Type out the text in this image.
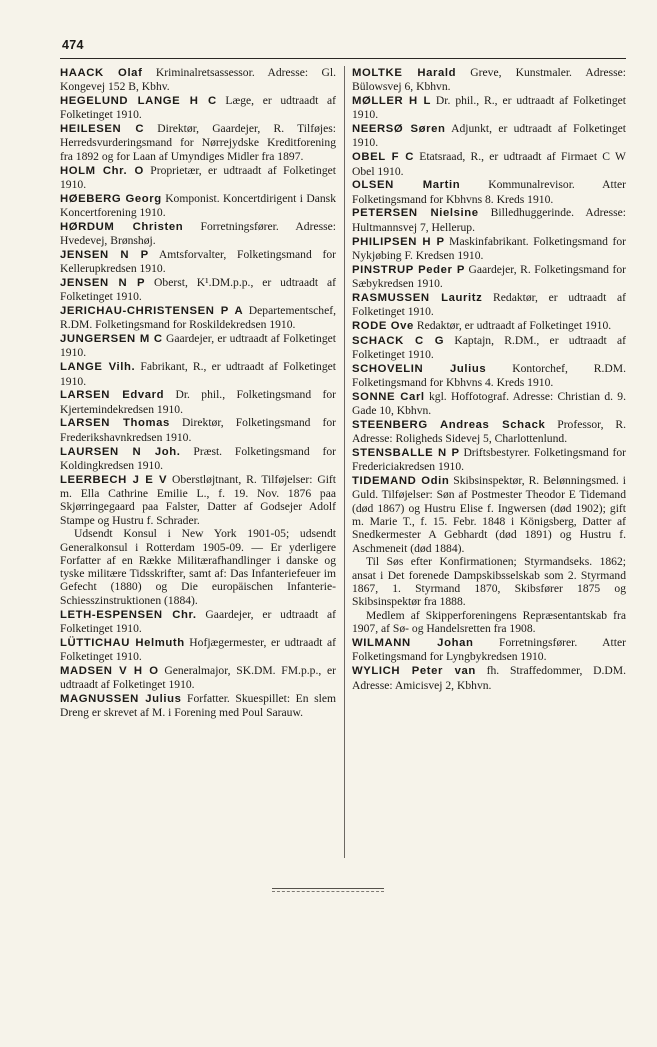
474

HAACK Olaf Kriminalretsassessor. Adresse: Gl. Kongevej 152 B, Kbhv.

HEGELUND LANGE H C Læge, er udtraadt af Folketinget 1910.

HEILESEN C Direktør, Gaardejer, R. Tilføjes: Herredsvurderingsmand for Nørrejydske Kreditforening fra 1892 og for Laan af Umyndiges Midler fra 1897.

HOLM Chr. O Proprietær, er udtraadt af Folketinget 1910.

HØEBERG Georg Komponist. Koncertdirigent i Dansk Koncertforening 1910.

HØRDUM Christen Forretningsfører. Adresse: Hvedevej, Brønshøj.

JENSEN N P Amtsforvalter, Folketingsmand for Kellerupkredsen 1910.

JENSEN N P Oberst, K¹.DM.p.p., er udtraadt af Folketinget 1910.

JERICHAU-CHRISTENSEN P A Departementschef, R.DM. Folketingsmand for Roskildekredsen 1910.

JUNGERSEN M C Gaardejer, er udtraadt af Folketinget 1910.

LANGE Vilh. Fabrikant, R., er udtraadt af Folketinget 1910.

LARSEN Edvard Dr. phil., Folketingsmand for Kjertemindekredsen 1910.

LARSEN Thomas Direktør, Folketingsmand for Frederikshavnkredsen 1910.

LAURSEN N Joh. Præst. Folketingsmand for Koldingkredsen 1910.

LEERBECH J E V Oberstløjtnant, R. Tilføjelser: Gift m. Ella Cathrine Emilie L., f. 19. Nov. 1876 paa Skjørringegaard paa Falster, Datter af Godsejer Adolf Stampe og Hustru f. Schrader.

Udsendt Konsul i New York 1901-05; udsendt Generalkonsul i Rotterdam 1905-09. — Er yderligere Forfatter af en Række Militærafhandlinger i danske og tyske militære Tidsskrifter, samt af: Das Infanteriefeuer im Gefecht (1880) og Die europäischen Infanterie-Schiesszinstruktionen (1884).

LETH-ESPENSEN Chr. Gaardejer, er udtraadt af Folketinget 1910.

LÜTTICHAU Helmuth Hofjægermester, er udtraadt af Folketinget 1910.

MADSEN V H O Generalmajor, SK.DM. FM.p.p., er udtraadt af Folketinget 1910.

MAGNUSSEN Julius Forfatter. Skuespillet: En slem Dreng er skrevet af M. i Forening med Poul Sarauw.

MOLTKE Harald Greve, Kunstmaler. Adresse: Bülowsvej 6, Kbhvn.

MØLLER H L Dr. phil., R., er udtraadt af Folketinget 1910.

NEERSØ Søren Adjunkt, er udtraadt af Folketinget 1910.

OBEL F C Etatsraad, R., er udtraadt af Firmaet C W Obel 1910.

OLSEN Martin Kommunalrevisor. Atter Folketingsmand for Kbhvns 8. Kreds 1910.

PETERSEN Nielsine Billedhuggerinde. Adresse: Hultmannsvej 7, Hellerup.

PHILIPSEN H P Maskinfabrikant. Folketingsmand for Nykjøbing F. Kredsen 1910.

PINSTRUP Peder P Gaardejer, R. Folketingsmand for Sæbykredsen 1910.

RASMUSSEN Lauritz Redaktør, er udtraadt af Folketinget 1910.

RODE Ove Redaktør, er udtraadt af Folketinget 1910.

SCHACK C G Kaptajn, R.DM., er udtraadt af Folketinget 1910.

SCHOVELIN Julius Kontorchef, R.DM. Folketingsmand for Kbhvns 4. Kreds 1910.

SONNE Carl kgl. Hoffotograf. Adresse: Christian d. 9. Gade 10, Kbhvn.

STEENBERG Andreas Schack Professor, R. Adresse: Roligheds Sidevej 5, Charlottenlund.

STENSBALLE N P Driftsbestyrer. Folketingsmand for Fredericiakredsen 1910.

TIDEMAND Odin Skibsinspektør, R. Belønningsmed. i Guld. Tilføjelser: Søn af Postmester Theodor E Tidemand (død 1867) og Hustru Elise f. Ingwersen (død 1902); gift m. Marie T., f. 15. Febr. 1848 i Königsberg, Datter af Snedkermester A Gebhardt (død 1891) og Hustru f. Aschmeneit (død 1884).

Til Søs efter Konfirmationen; Styrmandseks. 1862; ansat i Det forenede Dampskibsselskab som 2. Styrmand 1867, 1. Styrmand 1870, Skibsfører 1875 og Skibsinspektør fra 1888.

Medlem af Skipperforeningens Repræsentantskab fra 1907, af Sø- og Handelsretten fra 1908.

WILMANN Johan Forretningsfører. Atter Folketingsmand for Lyngbykredsen 1910.

WYLICH Peter van fh. Straffedommer, D.DM. Adresse: Amicisvej 2, Kbhvn.
